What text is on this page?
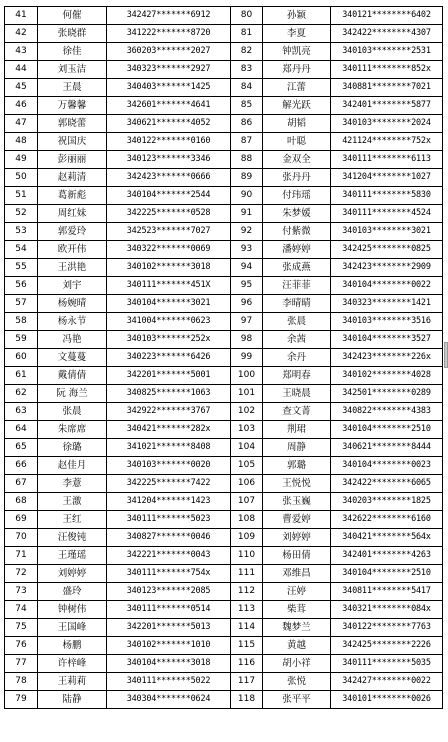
41	何催	342427*******6912	80	孙颖	340121********6402
42	张晓群	341222*******8720	81	李夏	342422********4307
43	徐佳	360203*******2027	82	钟凯亮	340103********2531
44	刘玉洁	340323*******2927	83	郑丹丹	340111********852x
45	王晨	340403*******1425	84	江蕾	340881********7021
46	万馨馨	342601*******4641	85	解光跃	342401********5877
47	郭晓蕾	340621*******4052	86	胡韬	340103********2024
48	祝国庆	340122*******0160	87	叶聪	421124********752x
49	彭丽丽	340123*******3346	88	金双全	340111********6113
50	赵莉清	342423*******0666	89	张丹丹	341204********1027
51	葛新彪	340104*******2544	90	付玮瑶	340111********5830
52	周红妹	342225*******0528	91	朱梦媛	340111********4524
53	郭爱玲	342523*******7027	92	付紫微	340103********3021
54	欧开伟	340322*******0069	93	潘婷婷	342425********0825
55	王洪艳	340102*******3018	94	张成燕	342423********2909
56	刘宇	340111*******451X	95	汪菲菲	340104********0022
57	杨婉晴	340104*******3021	96	李晴晴	340323********1421
58	杨永节	341004*******0623	97	张晨	340103********3516
59	冯艳	340103*******252x	98	余茜	340104********3527
60	文蔓蔓	340223*******6426	99	余丹	342423********226x
61	戴倩倩	342201*******5001	100	郑明春	340102********4028
62	阮 海兰	340825*******1063	101	王晓晨	342501********0289
63	张晨	342922*******3767	102	查文菁	340822********4383
64	朱席席	340421*******282x	103	荆珺	340104********2510
65	徐璐	341021*******8408	104	周静	340621********8444
66	赵佳月	340103*******0020	105	郭璐	340104********0023
67	李薏	342225*******7422	106	王悦悦	342422********6065
68	王激	341204*******1423	107	张玉巍	340203********1825
69	王红	340111*******5023	108	曹爱婷	342622********6160
70	汪俊钝	340827*******0046	109	刘婷婷	340421********564x
71	王瑾瑶	342221*******0043	110	杨田倩	342401********4263
72	刘婷婷	340111*******754x	111	邓维昌	340104********2510
73	盛玲	340123*******2085	112	汪婷	340811********5417
74	钟树伟	340111*******0514	113	柴茸	340321********084x
75	王国峰	342201*******5013	114	魏梦兰	340122********7763
76	杨鹏	340102*******1010	115	黄越	342425********2226
77	许梓峰	340104*******3018	116	胡小祥	340111********5035
78	王莉莉	340111*******5022	117	张悦	342427********0022
79	陆静	340304*******0624	118	张平平	340101********0026
